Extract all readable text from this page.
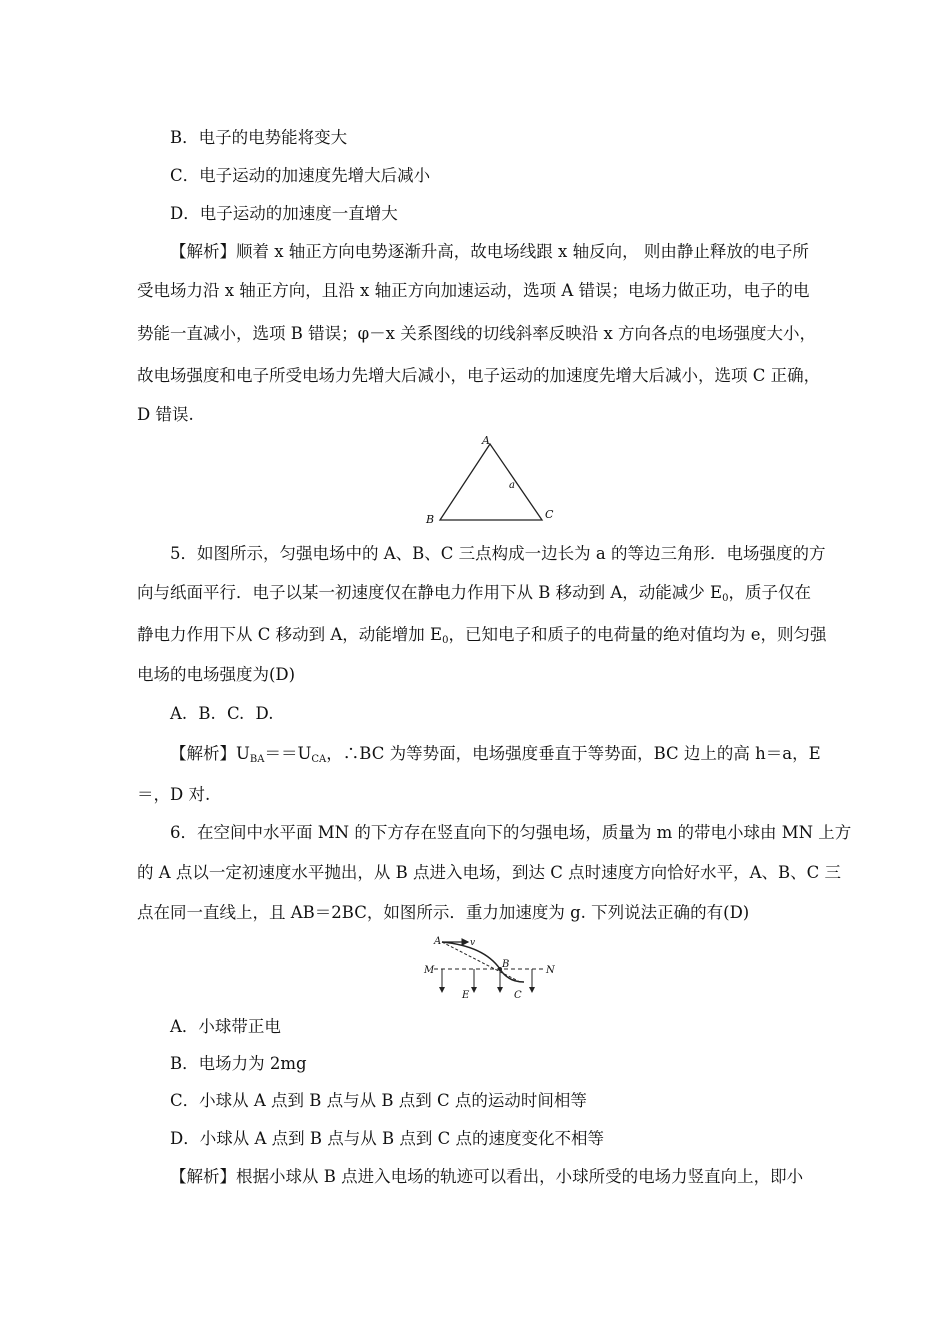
B．电子的电势能将变大
C．电子运动的加速度先增大后减小
D．电子运动的加速度一直增大
【解析】顺着 x 轴正方向电势逐渐升高，故电场线跟 x 轴反向， 则由静止释放的电子所
受电场力沿 x 轴正方向，且沿 x 轴正方向加速运动，选项 A 错误；电场力做正功，电子的电
势能一直减小，选项 B 错误；φ－x 关系图线的切线斜率反映沿 x 方向各点的电场强度大小，
故电场强度和电子所受电场力先增大后减小，电子运动的加速度先增大后减小，选项 C 正确，
D 错误.
A
B	C
a
5．如图所示，匀强电场中的 A、B、C 三点构成一边长为 a 的等边三角形．电场强度的方
向与纸面平行．电子以某一初速度仅在静电力作用下从 B 移动到 A，动能减少 $E_0$，质子仅在
静电力作用下从 C 移动到 A，动能增加 $E_0$，已知电子和质子的电荷量的绝对值均为 e，则匀强
电场的电场强度为(D)
A. B. C. D.
【解析】$U_{BA}==U_{CA}$，∴BC 为等势面，电场强度垂直于等势面，BC 边上的高 h＝a，E
＝，D 对.
6．在空间中水平面 MN 的下方存在竖直向下的匀强电场，质量为 m 的带电小球由 MN 上方
的 A 点以一定初速度水平抛出，从 B 点进入电场，到达 C 点时速度方向恰好水平，A、B、C 三
点在同一直线上，且 AB＝2BC，如图所示．重力加速度为 g. 下列说法正确的有(D)
A	v
M
B
N
E	C
A．小球带正电
B．电场力为 2mg
C．小球从 A 点到 B 点与从 B 点到 C 点的运动时间相等
D．小球从 A 点到 B 点与从 B 点到 C 点的速度变化不相等
【解析】根据小球从 B 点进入电场的轨迹可以看出，小球所受的电场力竖直向上，即小
